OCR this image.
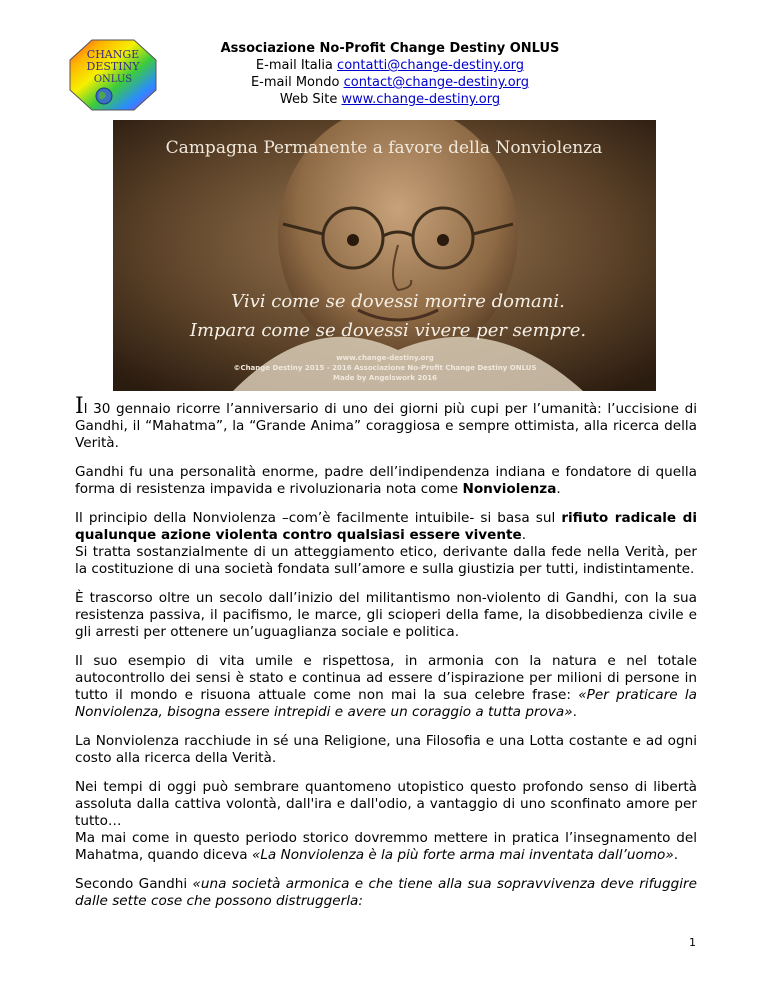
CHANGE
DESTINY
ONLUS
Associazione No-Profit Change Destiny ONLUS
E-mail Italia contatti@change-destiny.org
E-mail Mondo contact@change-destiny.org
Web Site www.change-destiny.org
Campagna Permanente a favore della Nonviolenza
Vivi come se dovessi morire domani.
Impara come se dovessi vivere per sempre.
www.change-destiny.org
©Change Destiny 2015 - 2016 Associazione No-Profit Change Destiny ONLUS
Made by Angelswork 2016

Il 30 gennaio ricorre l’anniversario di uno dei giorni più cupi per l’umanità: l’uccisione di Gandhi, il “Mahatma”, la “Grande Anima” coraggiosa e sempre ottimista, alla ricerca della Verità.

Gandhi fu una personalità enorme, padre dell’indipendenza indiana e fondatore di quella forma di resistenza impavida e rivoluzionaria nota come Nonviolenza.

Il principio della Nonviolenza –com’è facilmente intuibile- si basa sul rifiuto radicale di qualunque azione violenta contro qualsiasi essere vivente.
Si tratta sostanzialmente di un atteggiamento etico, derivante dalla fede nella Verità, per la costituzione di una società fondata sull’amore e sulla giustizia per tutti, indistintamente.

È trascorso oltre un secolo dall’inizio del militantismo non-violento di Gandhi, con la sua resistenza passiva, il pacifismo, le marce, gli scioperi della fame, la disobbedienza civile e gli arresti per ottenere un’uguaglianza sociale e politica.

Il suo esempio di vita umile e rispettosa, in armonia con la natura e nel totale autocontrollo dei sensi è stato e continua ad essere d’ispirazione per milioni di persone in tutto il mondo e risuona attuale come non mai la sua celebre frase: «Per praticare la Nonviolenza, bisogna essere intrepidi e avere un coraggio a tutta prova».

La Nonviolenza racchiude in sé una Religione, una Filosofia e una Lotta costante e ad ogni costo alla ricerca della Verità.

Nei tempi di oggi può sembrare quantomeno utopistico questo profondo senso di libertà assoluta dalla cattiva volontà, dall'ira e dall'odio, a vantaggio di uno sconfinato amore per tutto…
Ma mai come in questo periodo storico dovremmo mettere in pratica l’insegnamento del Mahatma, quando diceva «La Nonviolenza è la più forte arma mai inventata dall’uomo».

Secondo Gandhi «una società armonica e che tiene alla sua sopravvivenza deve rifuggire dalle sette cose che possono distruggerla:

1
